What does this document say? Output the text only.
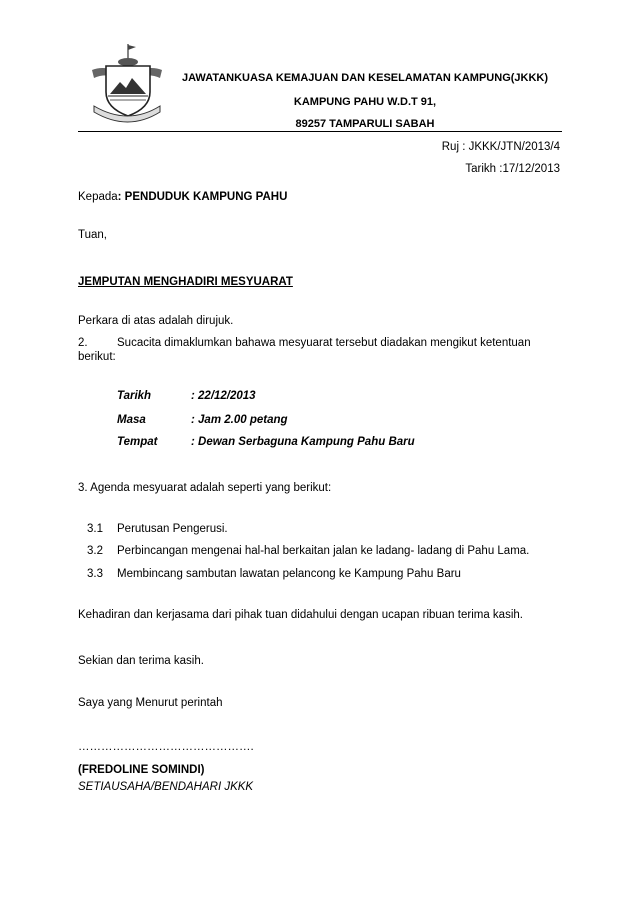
JAWATANKUASA KEMAJUAN DAN KESELAMATAN KAMPUNG(JKKK)
KAMPUNG PAHU W.D.T 91,
89257 TAMPARULI SABAH
Ruj : JKKK/JTN/2013/4
Tarikh :17/12/2013
Kepada: PENDUDUK KAMPUNG PAHU
Tuan,
JEMPUTAN MENGHADIRI MESYUARAT
Perkara di atas adalah dirujuk.
2.	Sucacita dimaklumkan bahawa mesyuarat tersebut diadakan mengikut ketentuan
berikut:
Tarikh	: 22/12/2013
Masa	: Jam 2.00 petang
Tempat	: Dewan Serbaguna Kampung Pahu Baru
3. Agenda mesyuarat adalah seperti yang berikut:
3.1 Perutusan Pengerusi.
3.2 Perbincangan mengenai hal-hal berkaitan jalan ke ladang- ladang di Pahu Lama.
3.3 Membincang sambutan lawatan pelancong ke Kampung Pahu Baru
Kehadiran dan kerjasama dari pihak tuan didahului dengan ucapan ribuan terima kasih.
Sekian dan terima kasih.
Saya yang Menurut perintah
……………………………………….
(FREDOLINE SOMINDI)
SETIAUSAHA/BENDAHARI JKKK
